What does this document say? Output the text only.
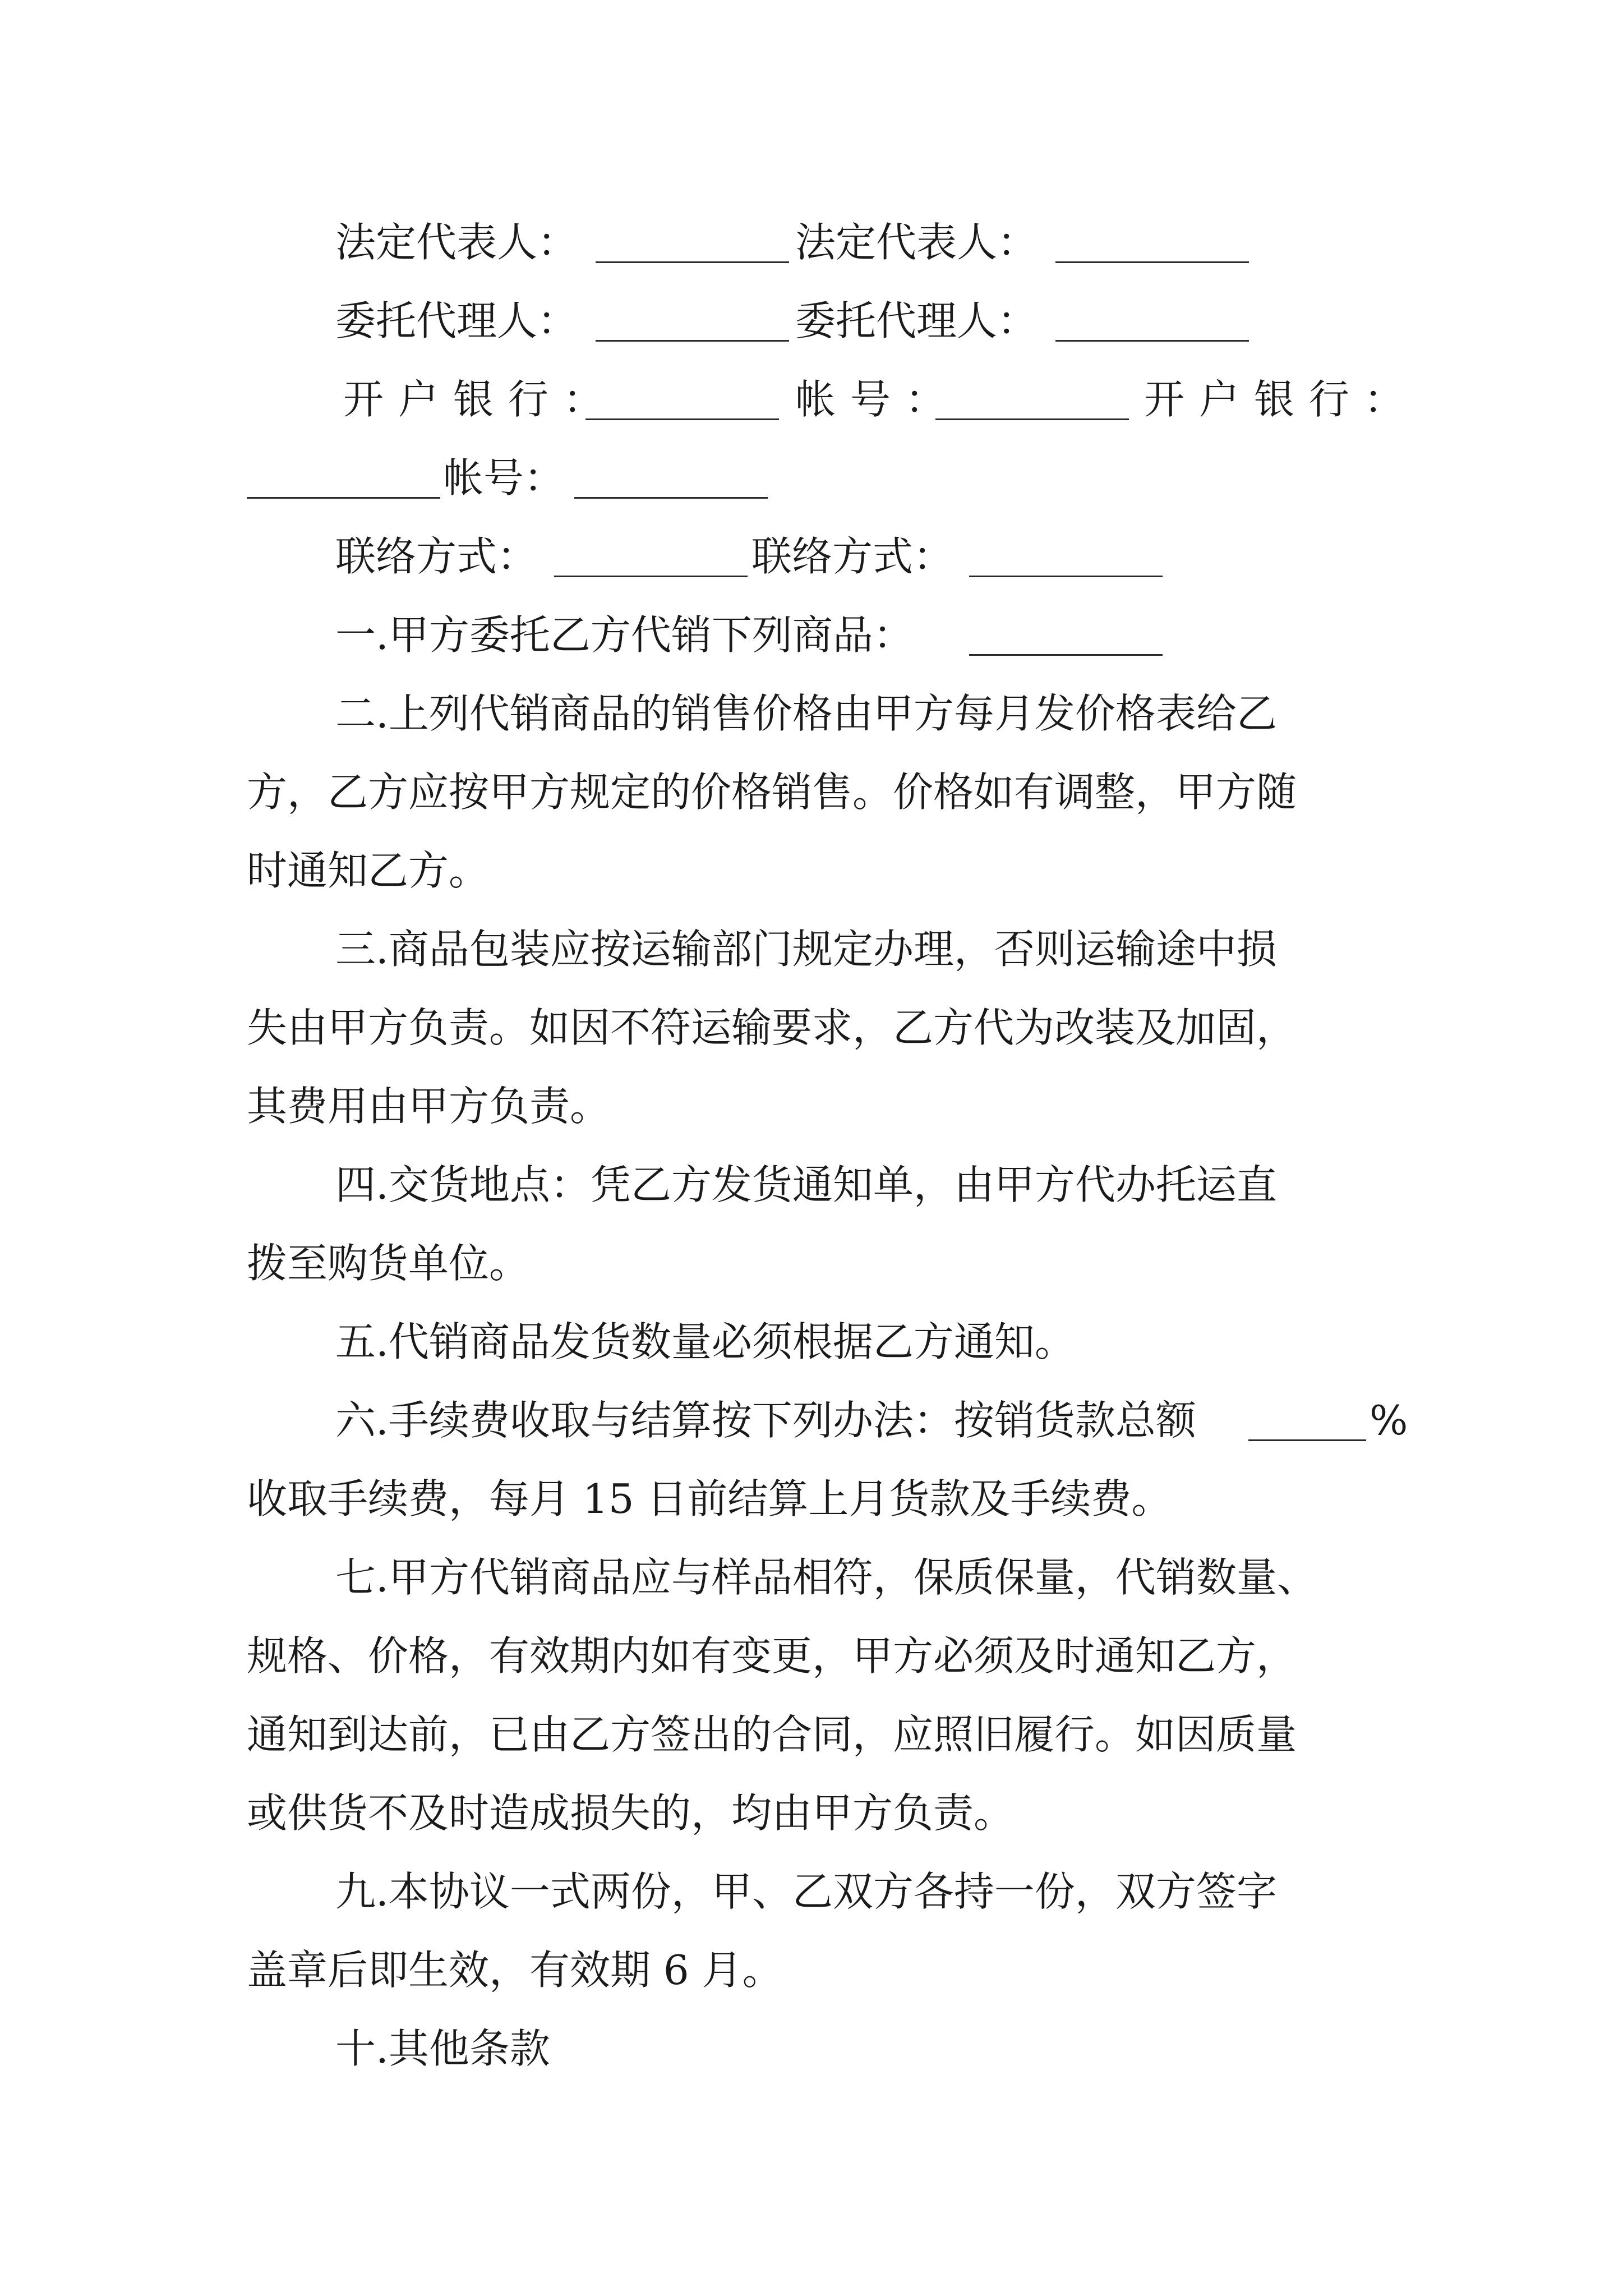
法定代表人：	法定代表人：
委托代理人：	委托代理人：
开户银行：	帐号：	开户银行：
帐号：
联络方式：	联络方式：
一.甲方委托乙方代销下列商品：
二.上列代销商品的销售价格由甲方每月发价格表给乙
方，乙方应按甲方规定的价格销售。价格如有调整，甲方随
时通知乙方。
三.商品包装应按运输部门规定办理，否则运输途中损
失由甲方负责。如因不符运输要求，乙方代为改装及加固，
其费用由甲方负责。
四.交货地点：凭乙方发货通知单，由甲方代办托运直
拨至购货单位。
五.代销商品发货数量必须根据乙方通知。
六.手续费收取与结算按下列办法：按销货款总额	%
收取手续费，每月 15 日前结算上月货款及手续费。
七.甲方代销商品应与样品相符，保质保量，代销数量、
规格、价格，有效期内如有变更，甲方必须及时通知乙方，
通知到达前，已由乙方签出的合同，应照旧履行。如因质量
或供货不及时造成损失的，均由甲方负责。
九.本协议一式两份，甲、乙双方各持一份，双方签字
盖章后即生效，有效期 6 月。
十.其他条款
